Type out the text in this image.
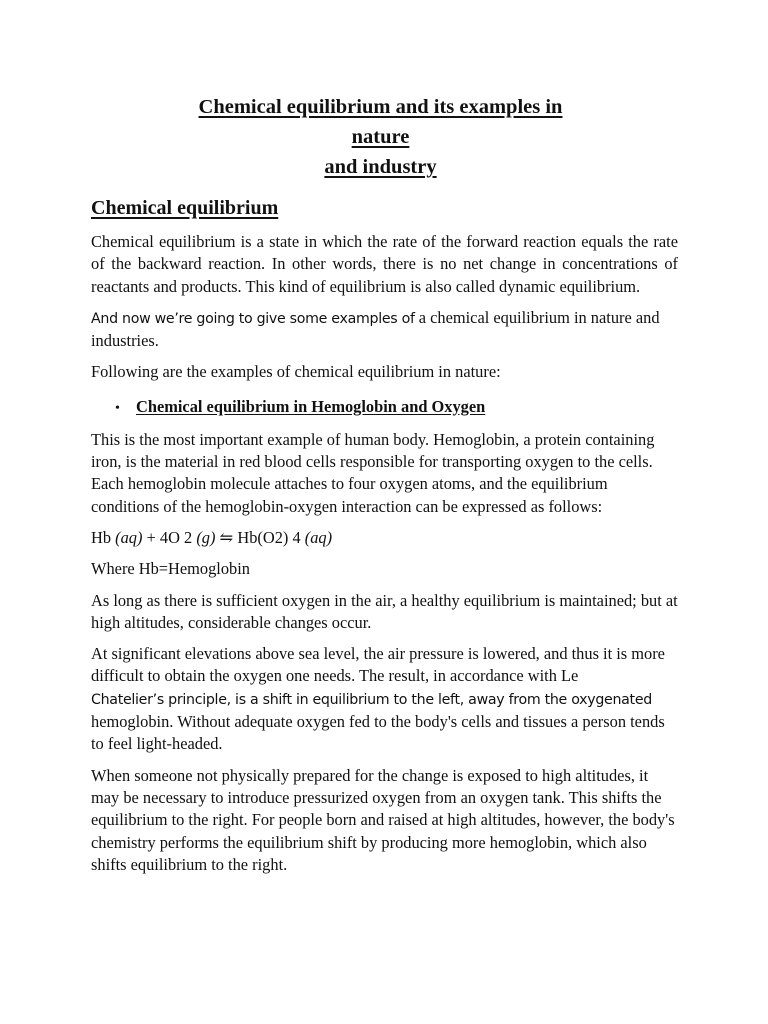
Chemical equilibrium and its examples in nature
and industry
Chemical equilibrium

Chemical equilibrium is a state in which the rate of the forward reaction equals the rate of the backward reaction. In other words, there is no net change in concentrations of reactants and products. This kind of equilibrium is also called dynamic equilibrium.

And now we’re going to give some examples of a chemical equilibrium in nature and industries.

Following are the examples of chemical equilibrium in nature:

• Chemical equilibrium in Hemoglobin and Oxygen

This is the most important example of human body. Hemoglobin, a protein containing iron, is the material in red blood cells responsible for transporting oxygen to the cells. Each hemoglobin molecule attaches to four oxygen atoms, and the equilibrium conditions of the hemoglobin-oxygen interaction can be expressed as follows:

Hb (aq) + 4O 2 (g) ⇋ Hb(O2) 4 (aq)

Where Hb=Hemoglobin

As long as there is sufficient oxygen in the air, a healthy equilibrium is maintained; but at high altitudes, considerable changes occur.

At significant elevations above sea level, the air pressure is lowered, and thus it is more difficult to obtain the oxygen one needs. The result, in accordance with Le
Chatelier’s principle, is a shift in equilibrium to the left, away from the oxygenated
hemoglobin. Without adequate oxygen fed to the body's cells and tissues a person tends to feel light-headed.

When someone not physically prepared for the change is exposed to high altitudes, it may be necessary to introduce pressurized oxygen from an oxygen tank. This shifts the equilibrium to the right. For people born and raised at high altitudes, however, the body's chemistry performs the equilibrium shift by producing more hemoglobin, which also shifts equilibrium to the right.
